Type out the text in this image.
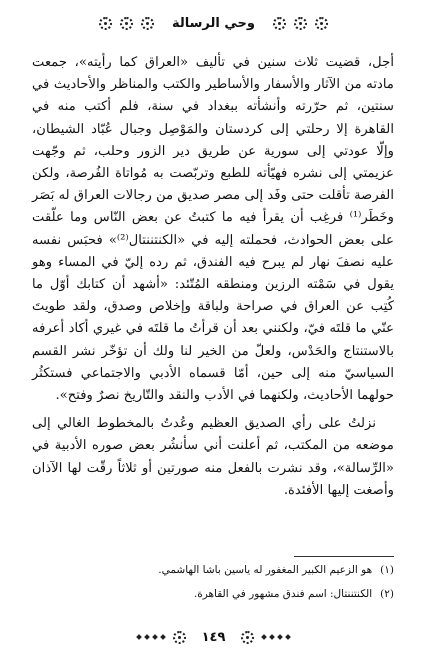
وحي الرسالة

أجل، قضيت ثلاث سنين في تأليف «العراق كما رأيته»، جمعت مادته من الآثار والأسفار والأساطير والكتب والمناظر والأحاديث في سنتين، ثم حرّرته وأنشأته ببغداد في سنة، فلم أكتب منه في القاهرة إلا رحلتي إلى كردستان والمَوْصِل وجبال عُبّاد الشيطان، وإلّا عودتي إلى سورية عن طريق دير الزور وحلب، ثم وجّهت عزيمتي إلى نشره فهيّأته للطبع وتربّصت به مُواتاة الفُرصة، ولكن الفرصة تأقلت حتى وفَد إلى مصر صديق من رجالات العراق له بَصَر وخَطَر⁽¹⁾ فرغِب أن يقرأ فيه ما كتبتُ عن بعض النّاس وما علّقت على بعض الحوادث، فحملته إليه في «الكنتننتال⁽²⁾» فحبَس نفسه عليه نصفَ نهار لم يبرح فيه الفندق، ثم رده إليّ في المساء وهو يقول في سَمْته الرزين ومنطقه المُتّئد: «أشهد أن كتابك أوّل ما كُتِب عن العراق في صراحة ولباقة وإخلاص وصدق، ولقد طويتَ عنّي ما قلتَه فيّ، ولكنني بعد أن قرأتُ ما قلتَه في غيري أكاد أعرفه بالاستنتاج والحَدْس، ولعلّ من الخير لنا ولك أن تؤخّر نشر القسم السياسيّ منه إلى حين، أمّا قسماه الأدبي والاجتماعي فستكثُر حولهما الأحاديث، ولكنهما في الأدب والنقد والتّاريخ نصرٌ وفتح».

نزلتُ على رأي الصديق العظيم وعُدتُ بالمخطوط الغالي إلى موضعه من المكتب، ثم أعلنت أني سأنشُر بعض صوره الأدبية في «الرِّسالة»، وقد نشرت بالفعل منه صورتين أو ثلاثاً رقّت لها الآذان وأصغت إليها الأفئدة.

(١)
هو الزعيم الكبير المغفور له ياسين باشا الهاشمي.
(٢)
الكنتننتال: اسم فندق مشهور في القاهرة.
١٤٩
